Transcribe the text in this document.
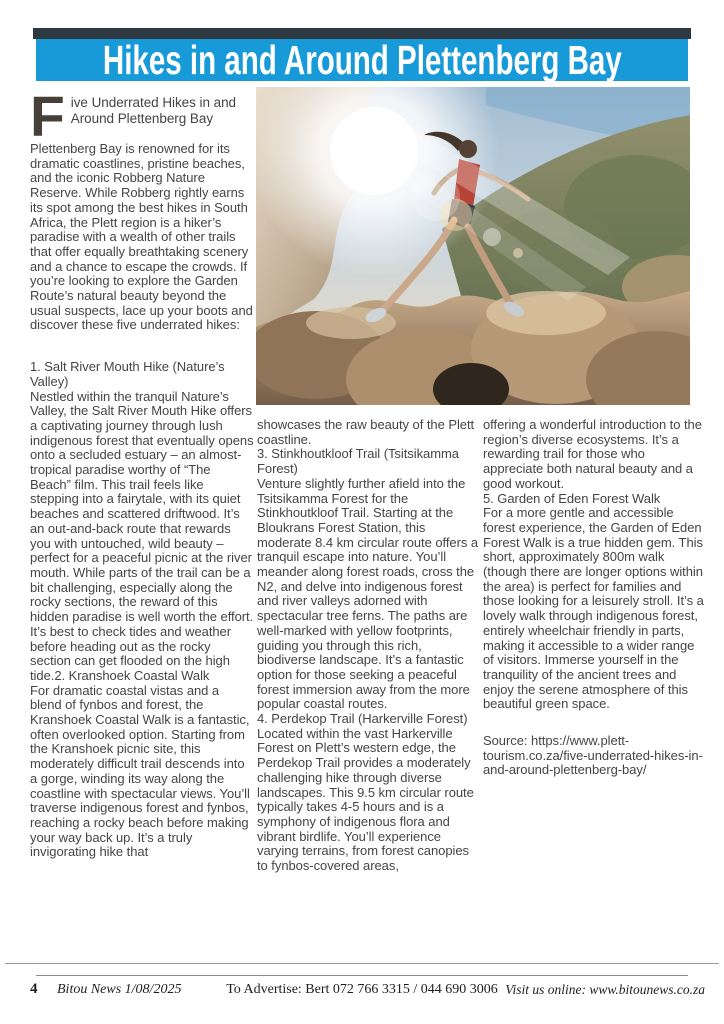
Hikes in and Around Plettenberg Bay

Five Underrated Hikes in and Around Plettenberg Bay

Plettenberg Bay is renowned for its dramatic coastlines, pristine beaches, and the iconic Robberg Nature Reserve. While Robberg rightly earns its spot among the best hikes in South Africa, the Plett region is a hiker’s paradise with a wealth of other trails that offer equally breathtaking scenery and a chance to escape the crowds. If you’re looking to explore the Garden Route’s natural beauty beyond the usual suspects, lace up your boots and discover these five underrated hikes:

1. Salt River Mouth Hike (Nature’s Valley)

Nestled within the tranquil Nature’s Valley, the Salt River Mouth Hike offers a captivating journey through lush indigenous forest that eventually opens onto a secluded estuary – an almost-tropical paradise worthy of “The Beach” film. This trail feels like stepping into a fairytale, with its quiet beaches and scattered driftwood. It’s an out-and-back route that rewards you with untouched, wild beauty – perfect for a peaceful picnic at the river mouth. While parts of the trail can be a bit challenging, especially along the rocky sections, the reward of this hidden paradise is well worth the effort. It’s best to check tides and weather before heading out as the rocky section can get flooded on the high tide.2. Kranshoek Coastal Walk

For dramatic coastal vistas and a blend of fynbos and forest, the Kranshoek Coastal Walk is a fantastic, often overlooked option. Starting from the Kranshoek picnic site, this moderately difficult trail descends into a gorge, winding its way along the coastline with spectacular views. You’ll traverse indigenous forest and fynbos, reaching a rocky beach before making your way back up. It’s a truly invigorating hike that

showcases the raw beauty of the Plett coastline.

3. Stinkhoutkloof Trail (Tsitsikamma Forest)

Venture slightly further afield into the Tsitsikamma Forest for the Stinkhoutkloof Trail. Starting at the Bloukrans Forest Station, this moderate 8.4 km circular route offers a tranquil escape into nature. You’ll meander along forest roads, cross the N2, and delve into indigenous forest and river valleys adorned with spectacular tree ferns. The paths are well-marked with yellow footprints, guiding you through this rich, biodiverse landscape. It’s a fantastic option for those seeking a peaceful forest immersion away from the more popular coastal routes.

4. Perdekop Trail (Harkerville Forest)

Located within the vast Harkerville Forest on Plett’s western edge, the Perdekop Trail provides a moderately challenging hike through diverse landscapes. This 9.5 km circular route typically takes 4-5 hours and is a symphony of indigenous flora and vibrant birdlife. You’ll experience varying terrains, from forest canopies to fynbos-covered areas,

offering a wonderful introduction to the region’s diverse ecosystems. It’s a rewarding trail for those who appreciate both natural beauty and a good workout.

5. Garden of Eden Forest Walk

For a more gentle and accessible forest experience, the Garden of Eden Forest Walk is a true hidden gem. This short, approximately 800m walk (though there are longer options within the area) is perfect for families and those looking for a leisurely stroll. It’s a lovely walk through indigenous forest, entirely wheelchair friendly in parts, making it accessible to a wider range of visitors. Immerse yourself in the tranquility of the ancient trees and enjoy the serene atmosphere of this beautiful green space.

Source: https://www.plett-tourism.co.za/five-underrated-hikes-in-and-around-plettenberg-bay/

4 Bitou News 1/08/2025	To Advertise: Bert 072 766 3315 / 044 690 3006 Visit us online: www.bitounews.co.za
